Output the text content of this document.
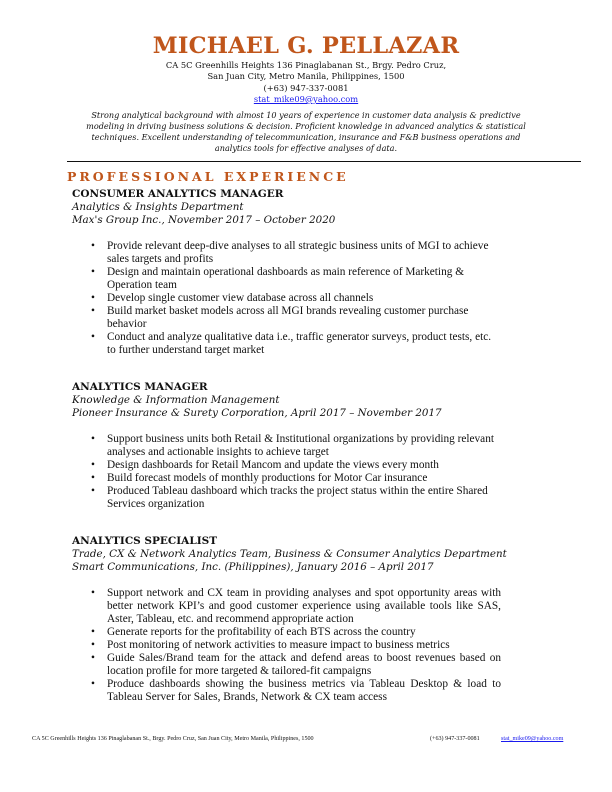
MICHAEL G. PELLAZAR
CA 5C Greenhills Heights 136 Pinaglabanan St., Brgy. Pedro Cruz,
San Juan City, Metro Manila, Philippines, 1500
(+63) 947-337-0081
stat_mike09@yahoo.com
Strong analytical background with almost 10 years of experience in customer data analysis & predictive modeling in driving business solutions & decision. Proficient knowledge in advanced analytics & statistical techniques. Excellent understanding of telecommunication, insurance and F&B business operations and analytics tools for effective analyses of data.
PROFESSIONAL EXPERIENCE
CONSUMER ANALYTICS MANAGER
Analytics & Insights Department
Max's Group Inc., November 2017 – October 2020
• Provide relevant deep-dive analyses to all strategic business units of MGI to achieve sales targets and profits
• Design and maintain operational dashboards as main reference of Marketing & Operation team
• Develop single customer view database across all channels
• Build market basket models across all MGI brands revealing customer purchase behavior
• Conduct and analyze qualitative data i.e., traffic generator surveys, product tests, etc. to further understand target market
ANALYTICS MANAGER
Knowledge & Information Management
Pioneer Insurance & Surety Corporation, April 2017 – November 2017
• Support business units both Retail & Institutional organizations by providing relevant analyses and actionable insights to achieve target
• Design dashboards for Retail Mancom and update the views every month
• Build forecast models of monthly productions for Motor Car insurance
• Produced Tableau dashboard which tracks the project status within the entire Shared Services organization
ANALYTICS SPECIALIST
Trade, CX & Network Analytics Team, Business & Consumer Analytics Department
Smart Communications, Inc. (Philippines), January 2016 – April 2017
• Support network and CX team in providing analyses and spot opportunity areas with better network KPI’s and good customer experience using available tools like SAS, Aster, Tableau, etc. and recommend appropriate action
• Generate reports for the profitability of each BTS across the country
• Post monitoring of network activities to measure impact to business metrics
• Guide Sales/Brand team for the attack and defend areas to boost revenues based on location profile for more targeted & tailored-fit campaigns
• Produce dashboards showing the business metrics via Tableau Desktop & load to Tableau Server for Sales, Brands, Network & CX team access
CA 5C Greenhills Heights 136 Pinaglabanan St., Brgy. Pedro Cruz, San Juan City, Metro Manila, Philippines, 1500	(+63) 947-337-0081	stat_mike09@yahoo.com
